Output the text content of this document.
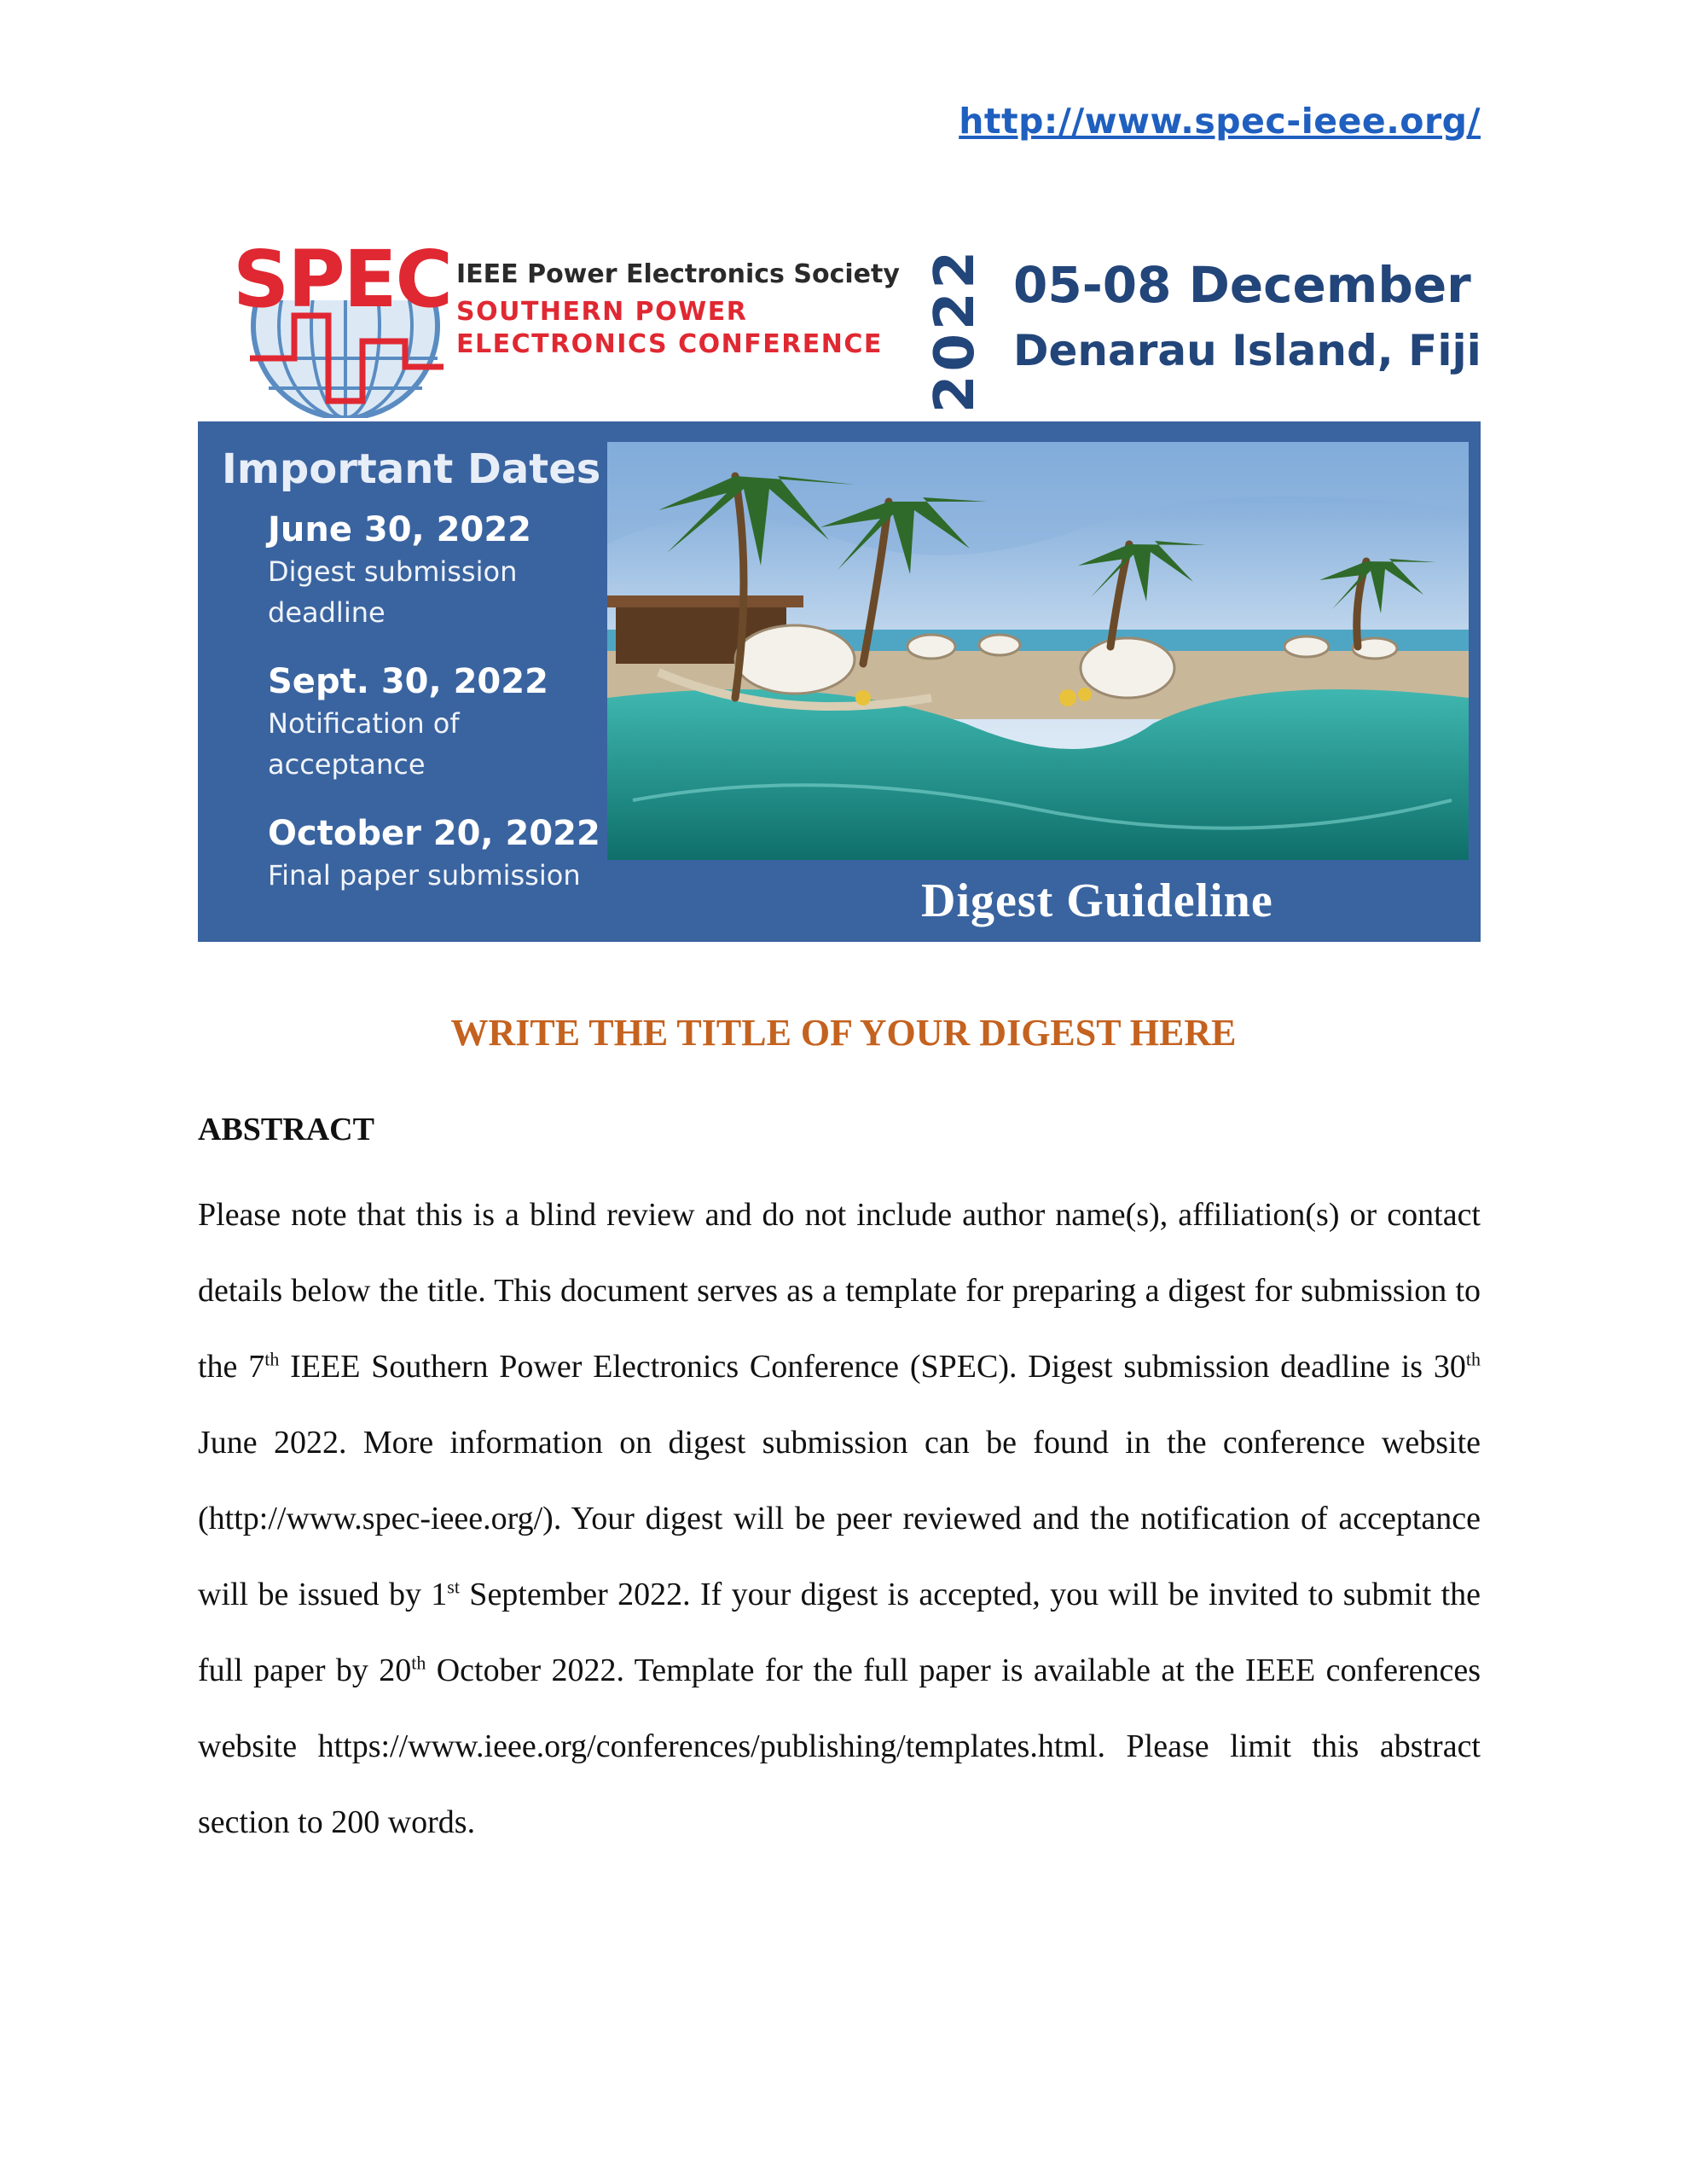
http://www.spec-ieee.org/
SPEC IEEE Power Electronics Society
SOUTHERN POWER
ELECTRONICS CONFERENCE 2022 05-08 December
Denarau Island, Fiji
Important Dates
June 30, 2022
Digest submission
deadline
Sept. 30, 2022
Notification of
acceptance
October 20, 2022
Final paper submission	Digest Guideline
WRITE THE TITLE OF YOUR DIGEST HERE
ABSTRACT
Please note that this is a blind review and do not include author name(s), affiliation(s) or contact details below the title. This document serves as a template for preparing a digest for submission to the 7th IEEE Southern Power Electronics Conference (SPEC). Digest submission deadline is 30th June 2022. More information on digest submission can be found in the conference website (http://www.spec-ieee.org/). Your digest will be peer reviewed and the notification of acceptance will be issued by 1st September 2022. If your digest is accepted, you will be invited to submit the full paper by 20th October 2022. Template for the full paper is available at the IEEE conferences website https://www.ieee.org/conferences/publishing/templates.html. Please limit this abstract section to 200 words.
